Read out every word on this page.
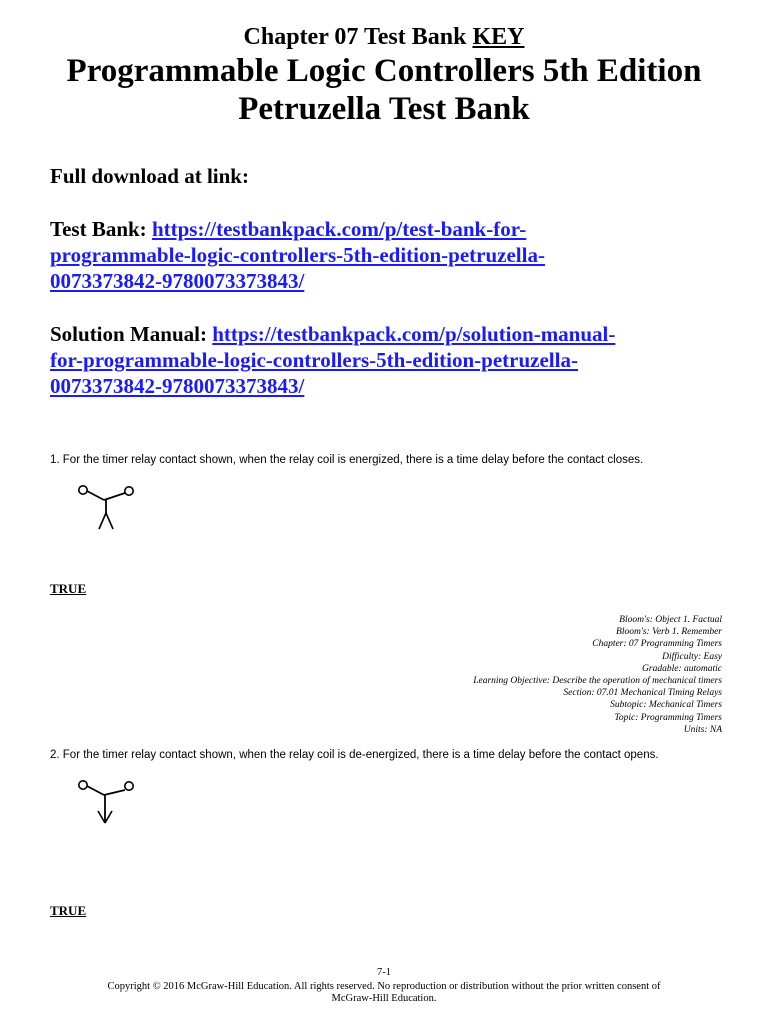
Chapter 07 Test Bank KEY
Programmable Logic Controllers 5th Edition
Petruzella Test Bank

Full download at link:

Test Bank: https://testbankpack.com/p/test-bank-for-
programmable-logic-controllers-5th-edition-petruzella-
0073373842-9780073373843/

Solution Manual: https://testbankpack.com/p/solution-manual-
for-programmable-logic-controllers-5th-edition-petruzella-
0073373842-9780073373843/

1. For the timer relay contact shown, when the relay coil is energized, there is a time delay before the contact closes.
TRUE
Bloom's: Object 1. Factual
Bloom's: Verb 1. Remember
Chapter: 07 Programming Timers
Difficulty: Easy
Gradable: automatic
Learning Objective: Describe the operation of mechanical timers
Section: 07.01 Mechanical Timing Relays
Subtopic: Mechanical Timers
Topic: Programming Timers
Units: NA
2. For the timer relay contact shown, when the relay coil is de-energized, there is a time delay before the contact opens.
TRUE
7-1
Copyright © 2016 McGraw-Hill Education. All rights reserved. No reproduction or distribution without the prior written consent of
McGraw-Hill Education.
